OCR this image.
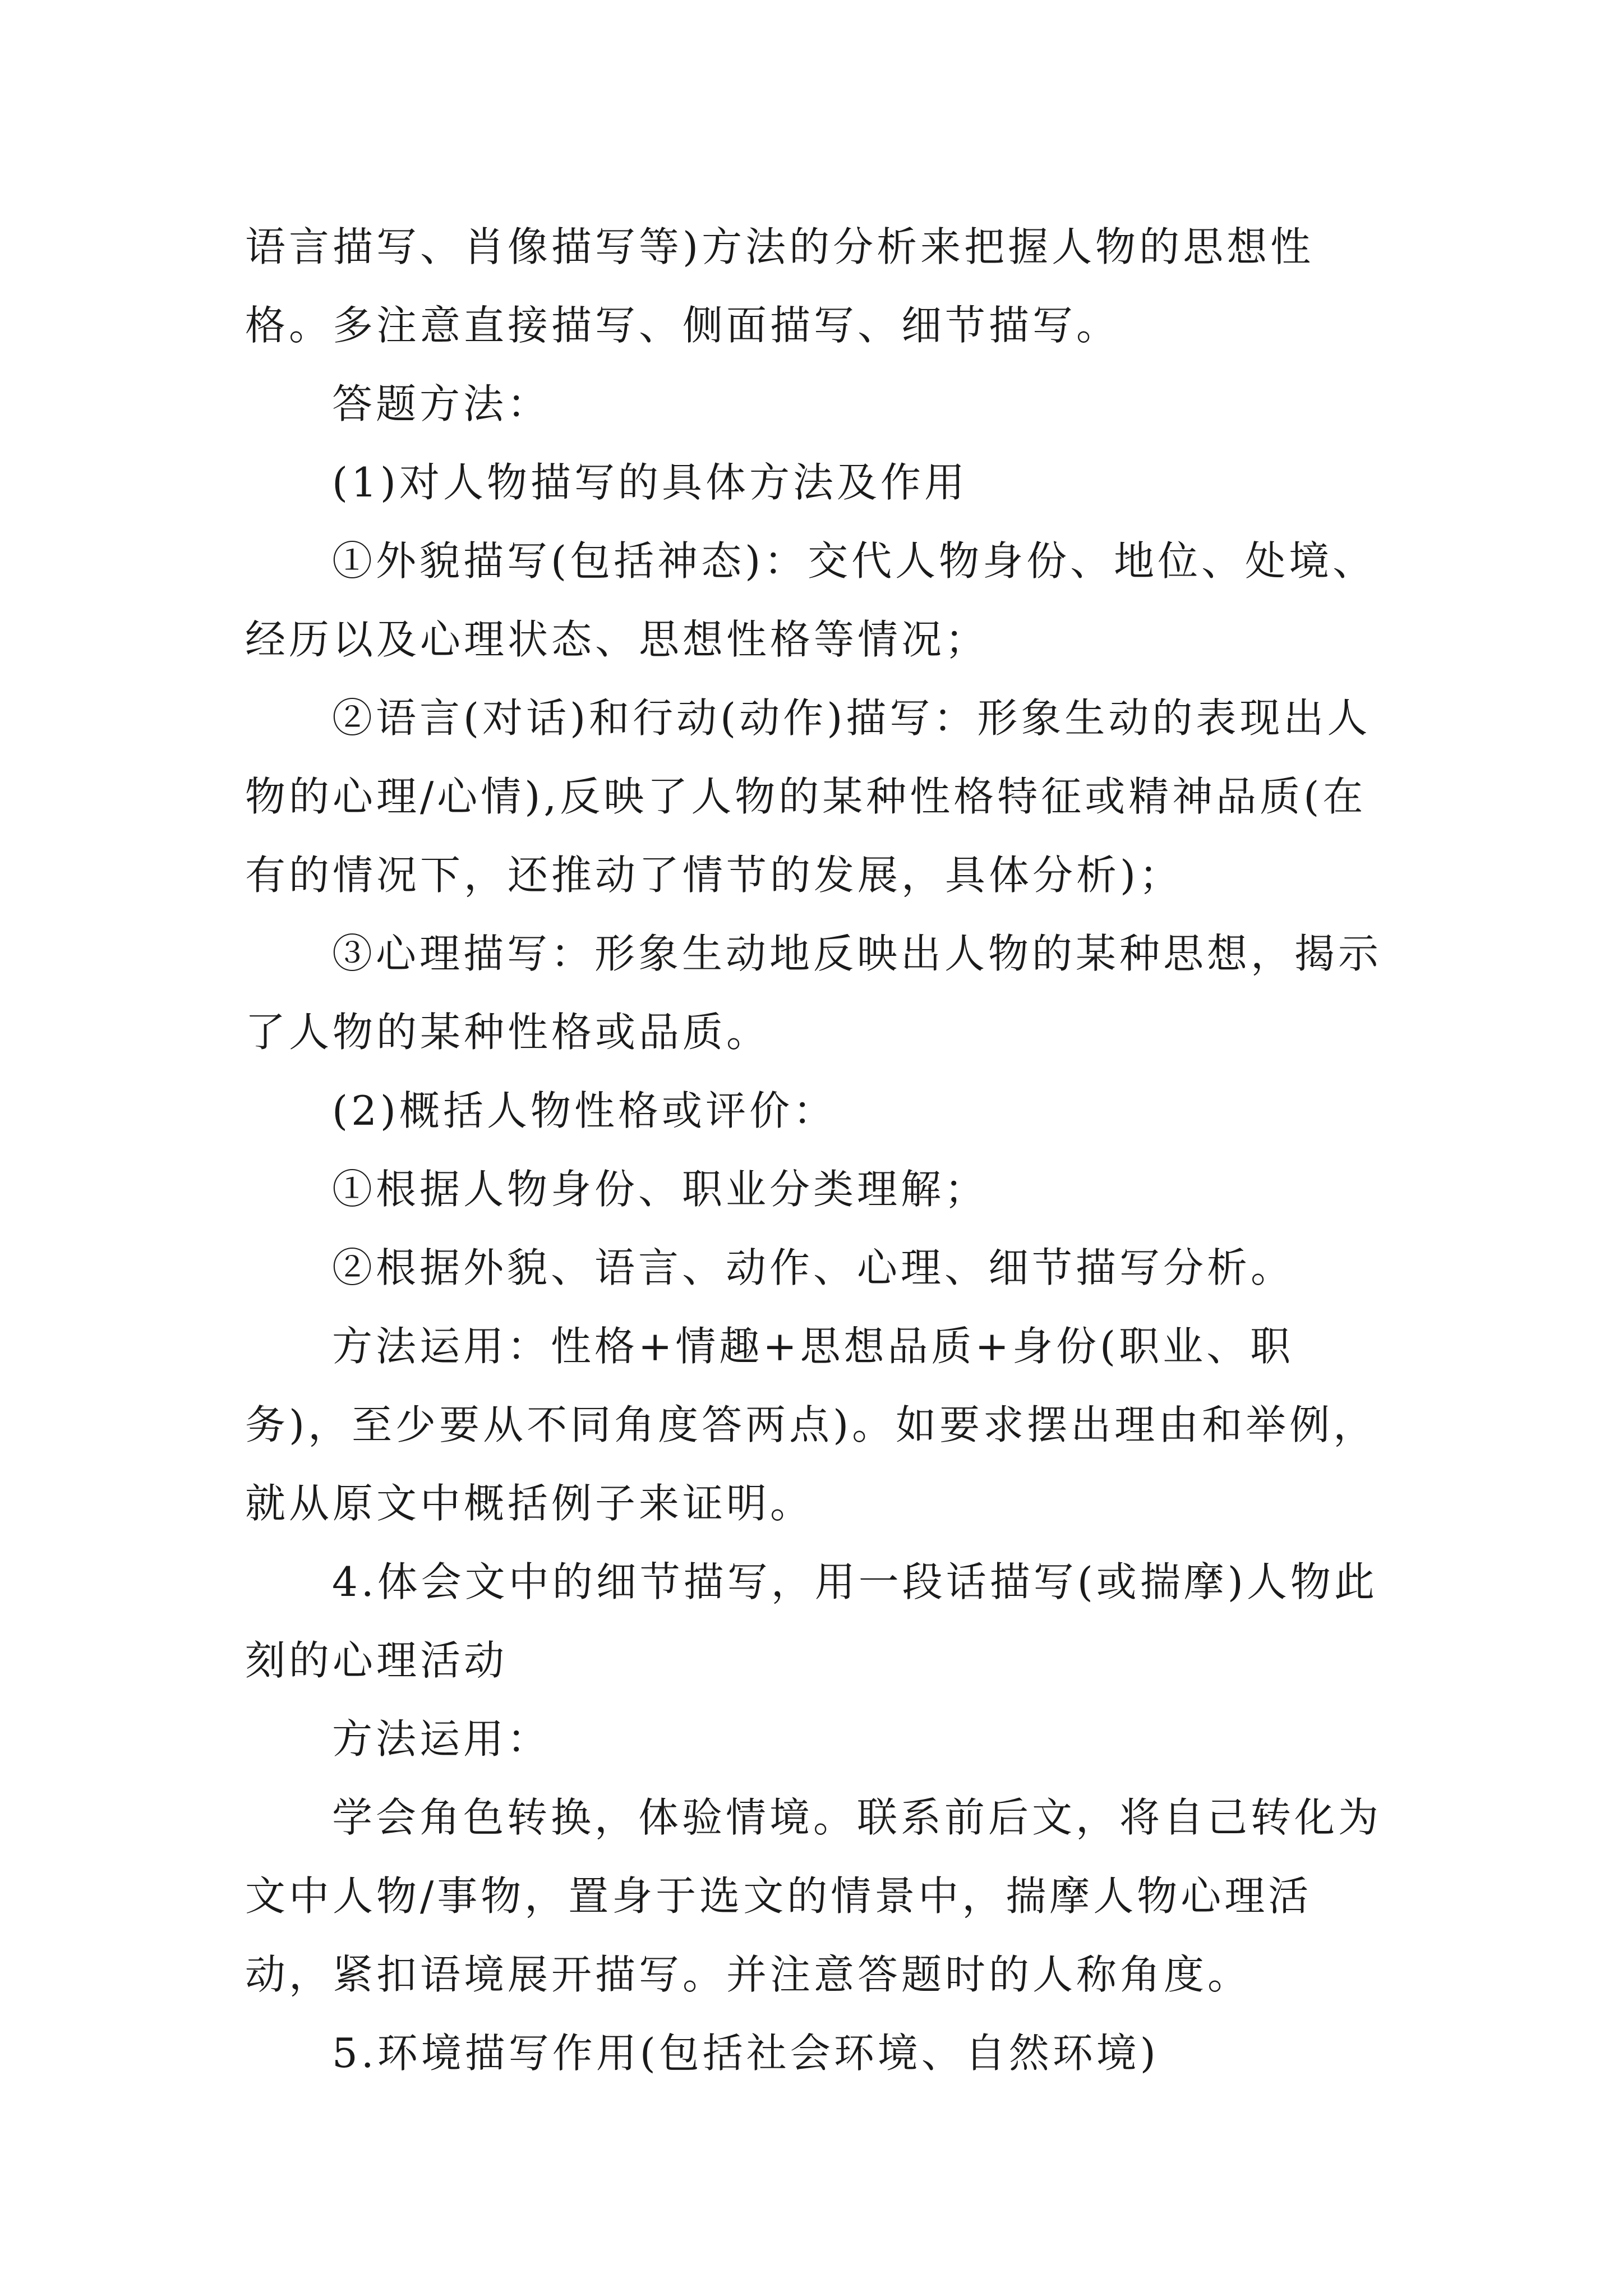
语言描写、肖像描写等)方法的分析来把握人物的思想性格。多注意直接描写、侧面描写、细节描写。

答题方法：

(1)对人物描写的具体方法及作用

①外貌描写(包括神态)：交代人物身份、地位、处境、经历以及心理状态、思想性格等情况；

②语言(对话)和行动(动作)描写：形象生动的表现出人物的心理/心情),反映了人物的某种性格特征或精神品质(在有的情况下，还推动了情节的发展，具体分析)；

③心理描写：形象生动地反映出人物的某种思想，揭示了人物的某种性格或品质。

(2)概括人物性格或评价：

①根据人物身份、职业分类理解；

②根据外貌、语言、动作、心理、细节描写分析。

方法运用：性格+情趣+思想品质+身份(职业、职务)，至少要从不同角度答两点)。如要求摆出理由和举例，就从原文中概括例子来证明。

4.体会文中的细节描写，用一段话描写(或揣摩)人物此刻的心理活动

方法运用：

学会角色转换，体验情境。联系前后文，将自己转化为文中人物/事物，置身于选文的情景中，揣摩人物心理活动，紧扣语境展开描写。并注意答题时的人称角度。

5.环境描写作用(包括社会环境、自然环境)
